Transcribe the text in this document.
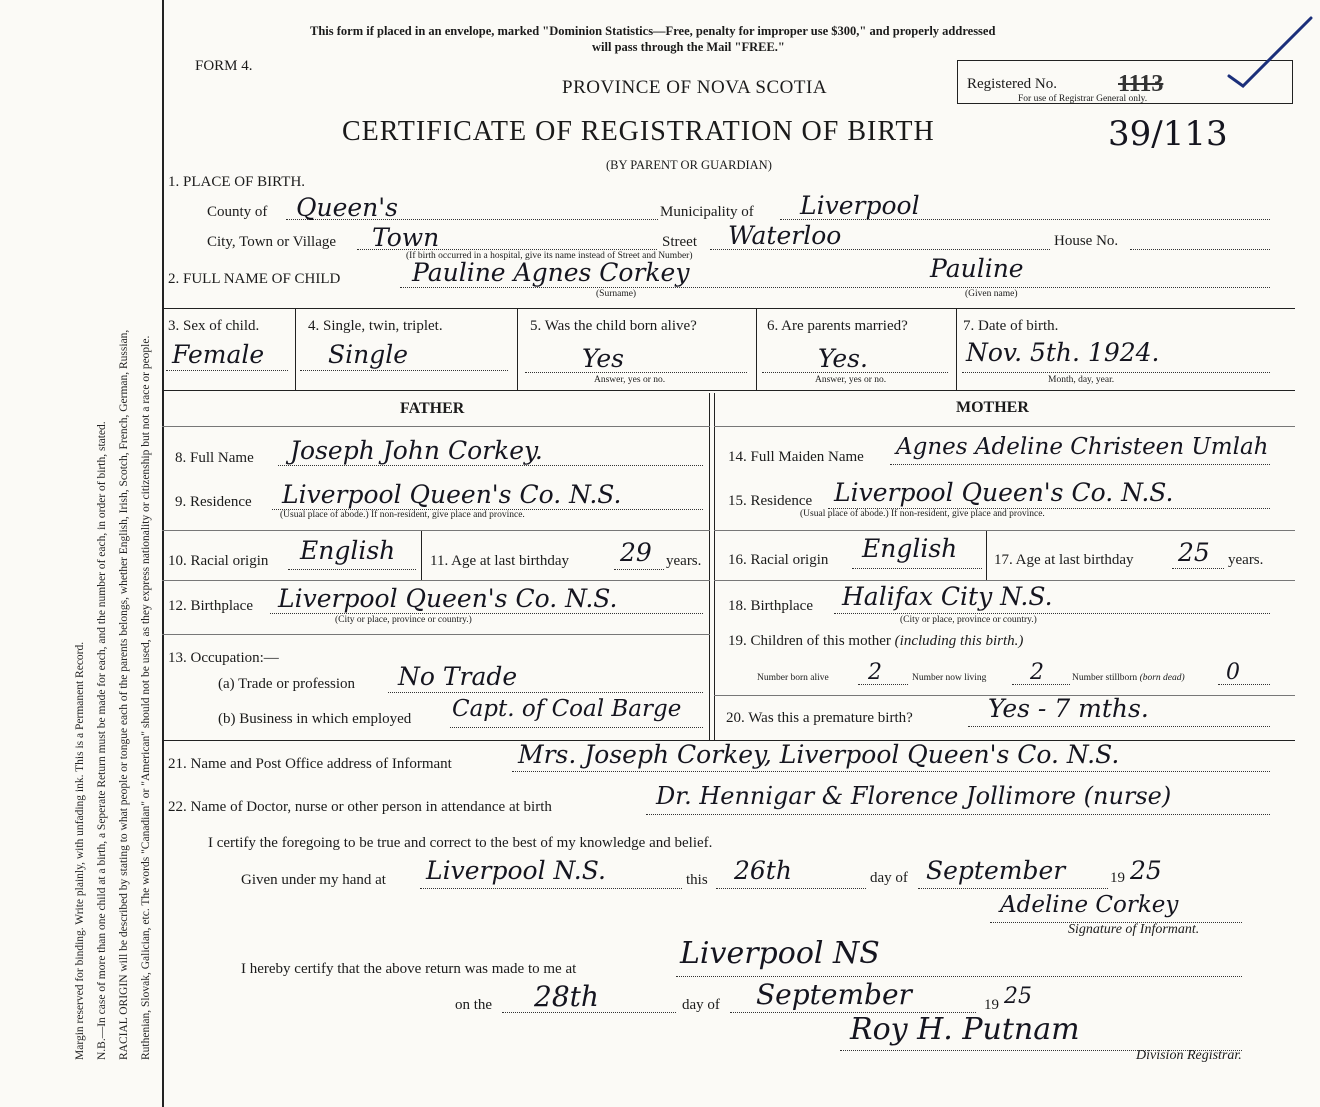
Margin reserved for binding. Write plainly, with unfading ink. This is a Permanent Record. N.B.—In case of more than one child at a birth, a Seperate Return must be made for each, and the number of each, in order of birth, stated. RACIAL ORIGIN will be described by stating to what people or tongue each of the parents belongs, whether English, Irish, Scotch, French, German, Russian, Ruthenian, Slovak, Galician, etc. The words "Canadian" or "American" should not be used, as they express nationality or citizenship but not a race or people.
This form if placed in an envelope, marked "Dominion Statistics—Free, penalty for improper use $300," and properly addressed
will pass through the Mail "FREE."
FORM 4.
PROVINCE OF NOVA SCOTIA	Registered No.	1113
For use of Registrar General only.
CERTIFICATE OF REGISTRATION OF BIRTH	39/113
(BY PARENT OR GUARDIAN)
1. PLACE OF BIRTH.
County of Queen's	Municipality of Liverpool
City, Town or Village Town	Street Waterloo	House No.
(If birth occurred in a hospital, give its name instead of Street and Number)
2. FULL NAME OF CHILD	Pauline Agnes Corkey
(Surname)
Pauline
(Given name)
3. Sex of child.
Female
4. Single, twin, triplet.
Single
5. Was the child born alive?
Yes
Answer, yes or no.
6. Are parents married?
Yes.
Answer, yes or no.
7. Date of birth.
Nov. 5th. 1924.
Month, day, year.
FATHER	MOTHER
8. Full Name Joseph John Corkey.
9. Residence Liverpool Queen's Co. N.S.
(Usual place of abode.) If non-resident, give place and province.
10. Racial origin English 11. Age at last birthday 29 years.
12. Birthplace Liverpool Queen's Co. N.S.
(City or place, province or country.)
13. Occupation:—
(a) Trade or profession No Trade
(b) Business in which employed Capt. of Coal Barge
14. Full Maiden Name Agnes Adeline Christeen Umlah
15. Residence Liverpool Queen's Co. N.S.
(Usual place of abode.) If non-resident, give place and province.
16. Racial origin English 17. Age at last birthday 25 years.
18. Birthplace Halifax City N.S.
(City or place, province or country.)
19. Children of this mother (including this birth.)
Number born alive 2	Number now living 2	Number stillborn (born dead) 0
20. Was this a premature birth?	Yes - 7 mths.
21. Name and Post Office address of Informant	Mrs. Joseph Corkey, Liverpool Queen's Co. N.S.
22. Name of Doctor, nurse or other person in attendance at birth	Dr. Hennigar & Florence Jollimore (nurse)
I certify the foregoing to be true and correct to the best of my knowledge and belief.
Given under my hand at Liverpool N.S.	this 26th	day of September	19 25
Adeline Corkey
Signature of Informant.
I hereby certify that the above return was made to me at	Liverpool NS
on the 28th	day of September	19 25
Roy H. Putnam
Division Registrar.
